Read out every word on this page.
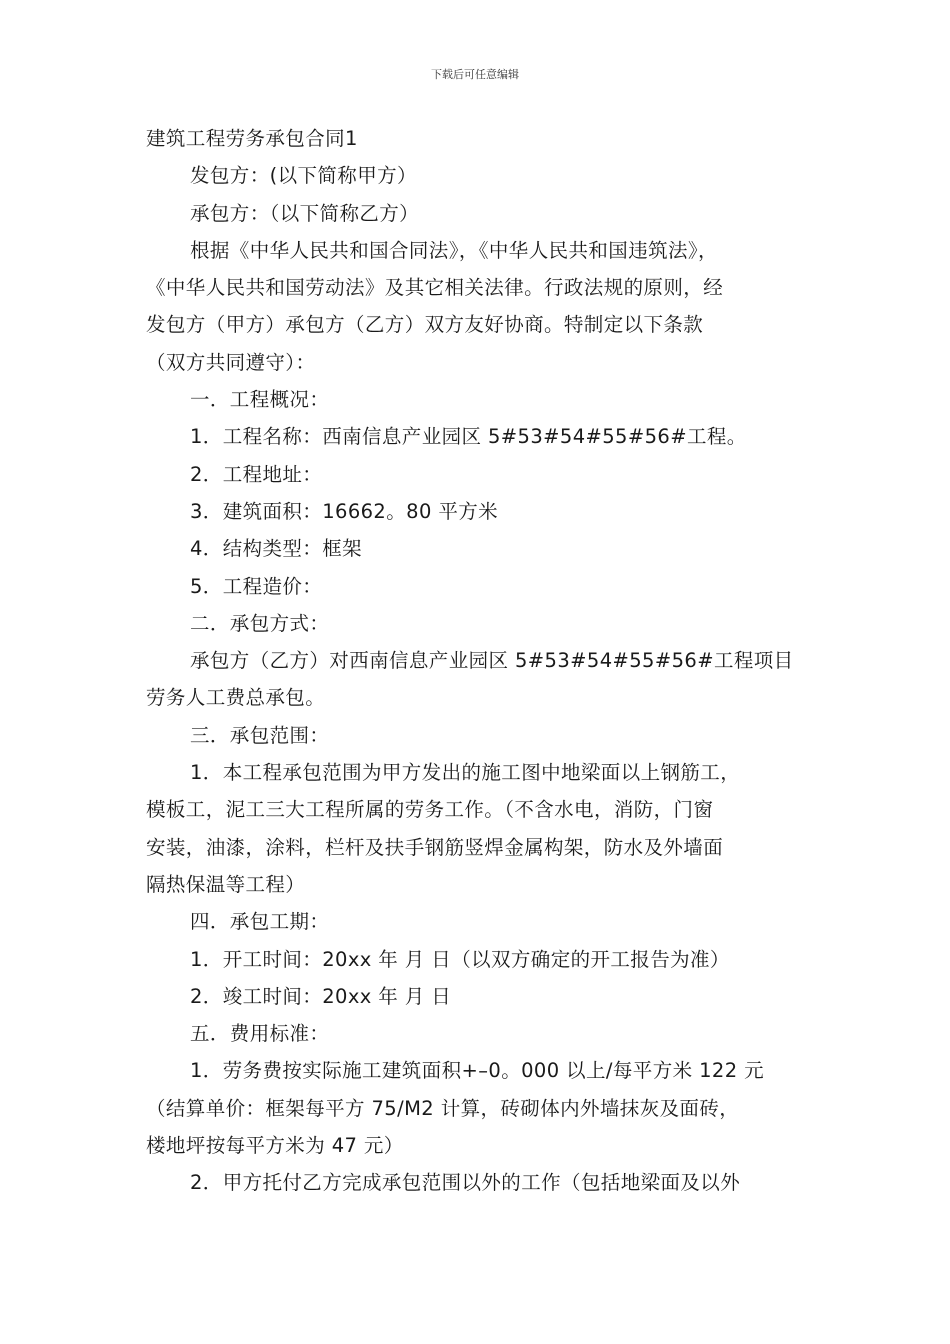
下载后可任意编辑

建筑工程劳务承包合同1

发包方：(以下简称甲方）

承包方：（以下简称乙方）

根据《中华人民共和国合同法》，《中华人民共和国违筑法》，

《中华人民共和国劳动法》及其它相关法律。行政法规的原则，经

发包方（甲方）承包方（乙方）双方友好协商。特制定以下条款

（双方共同遵守）：

一．工程概况：

1．工程名称：西南信息产业园区 5#53#54#55#56#工程。

2．工程地址：

3．建筑面积：16662。80 平方米

4．结构类型：框架

5．工程造价：

二．承包方式：

承包方（乙方）对西南信息产业园区 5#53#54#55#56#工程项目

劳务人工费总承包。

三．承包范围：

1．本工程承包范围为甲方发出的施工图中地梁面以上钢筋工，

模板工，泥工三大工程所属的劳务工作。（不含水电，消防，门窗

安装，油漆，涂料，栏杆及扶手钢筋竖焊金属构架，防水及外墙面

隔热保温等工程）

四．承包工期：

1．开工时间：20xx 年 月 日（以双方确定的开工报告为准）

2．竣工时间：20xx 年 月 日

五．费用标准：

1．劳务费按实际施工建筑面积+–0。000 以上/每平方米 122 元

（结算单价：框架每平方 75/M2 计算，砖砌体内外墙抹灰及面砖，

楼地坪按每平方米为 47 元）

2．甲方托付乙方完成承包范围以外的工作（包括地梁面及以外
